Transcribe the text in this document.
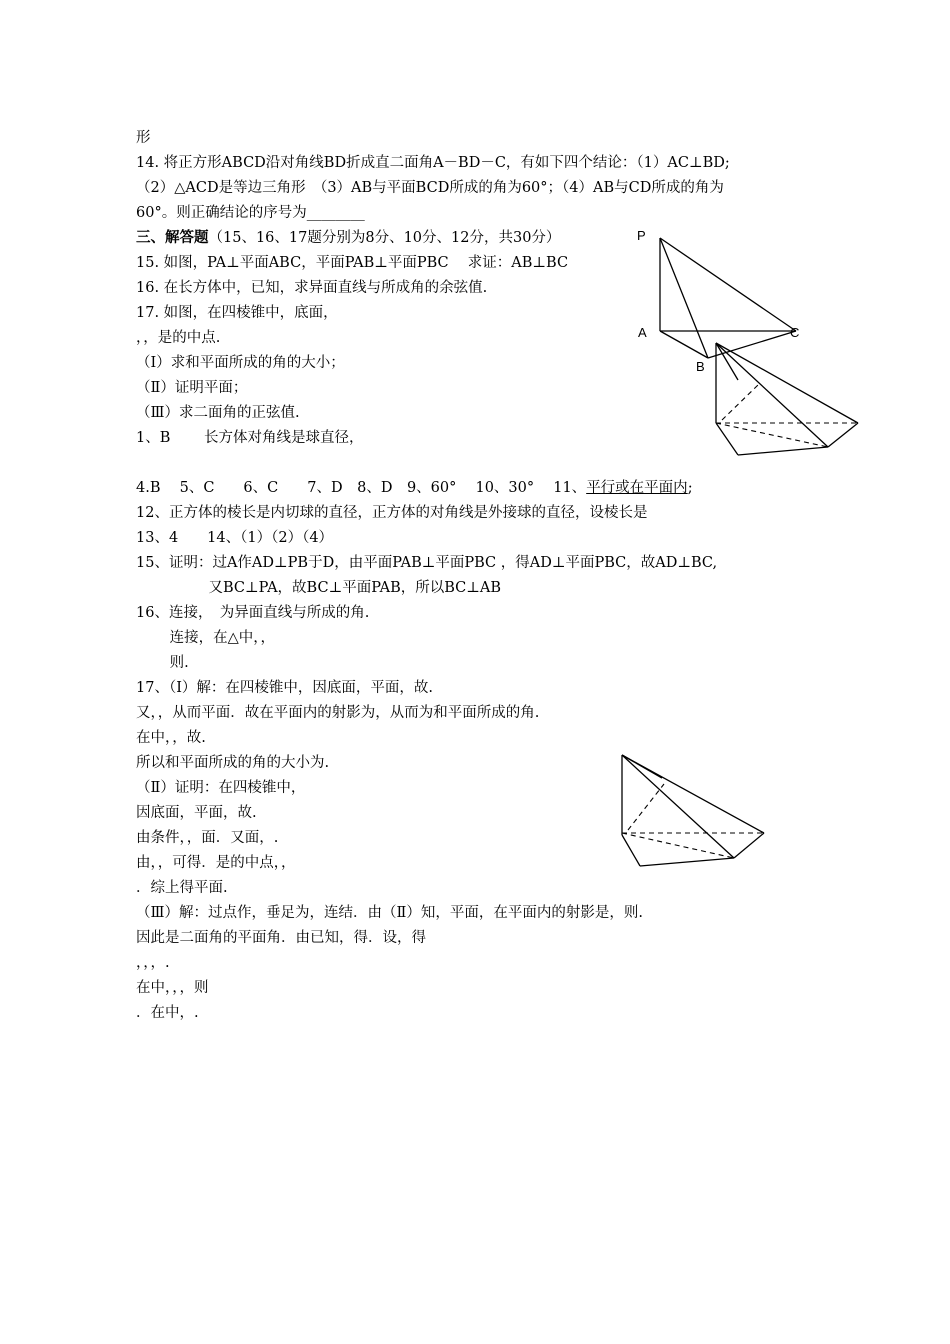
形
14. 将正方形ABCD沿对角线BD折成直二面角A－BD－C，有如下四个结论：（1）AC⊥BD;
（2）△ACD是等边三角形　（3）AB与平面BCD所成的角为60°；（4）AB与CD所成的角为
60°。则正确结论的序号为________
三、解答题（15、16、17题分别为8分、10分、12分，共30分）
15. 如图，PA⊥平面ABC，平面PAB⊥平面PBC　 求证：AB⊥BC
16. 在长方体中，已知，求异面直线与所成角的余弦值.
17. 如图，在四棱锥中，底面，
，，是的中点.
（Ⅰ）求和平面所成的角的大小；
（Ⅱ）证明平面；
（Ⅲ）求二面角的正弦值.
1、B　　 长方体对角线是球直径，
4.B　 5、C　　6、C　　7、D　8、D　9、60°　 10、30°　 11、平行或在平面内;
12、正方体的棱长是内切球的直径，正方体的对角线是外接球的直径，设棱长是
13、4　　14、（1）（2）（4）
15、证明：过A作AD⊥PB于D，由平面PAB⊥平面PBC ，得AD⊥平面PBC，故AD⊥BC,
　　　　　又BC⊥PA，故BC⊥平面PAB，所以BC⊥AB
16、连接，　为异面直线与所成的角.
　　 连接，在△中，，
　　 则.
17、（Ⅰ）解：在四棱锥中，因底面，平面，故.
又，，从而平面．故在平面内的射影为，从而为和平面所成的角.
在中，，故.
所以和平面所成的角的大小为.
（Ⅱ）证明：在四棱锥中，
因底面，平面，故.
由条件，，面．又面，.
由，，可得．是的中点，，
．综上得平面.
（Ⅲ）解：过点作，垂足为，连结．由（Ⅱ）知，平面，在平面内的射影是，则.
因此是二面角的平面角．由已知，得．设，得
，，，.
在中，，，则
．在中，.
P
A
B
C
